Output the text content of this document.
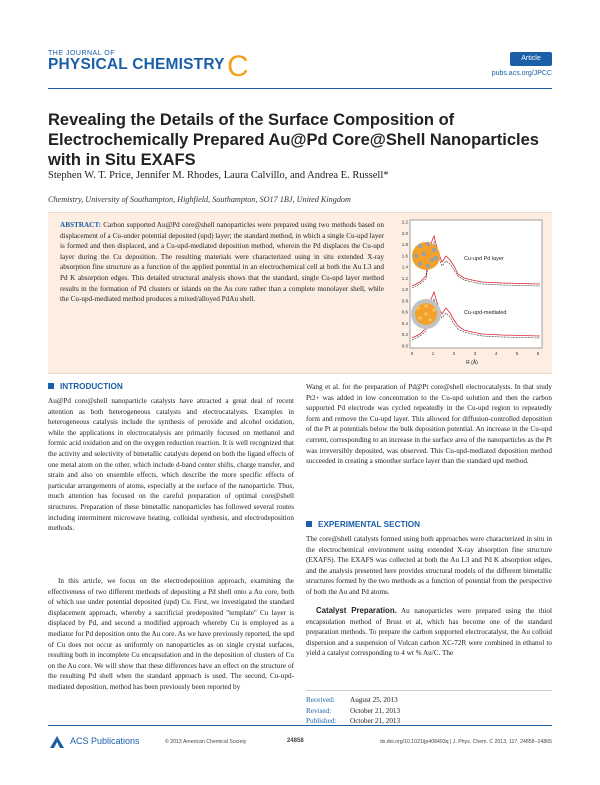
THE JOURNAL OF
PHYSICAL CHEMISTRY C	Article
pubs.acs.org/JPCC
Revealing the Details of the Surface Composition of Electrochemically Prepared Au@Pd Core@Shell Nanoparticles with in Situ EXAFS
Stephen W. T. Price, Jennifer M. Rhodes, Laura Calvillo, and Andrea E. Russell*
Chemistry, University of Southampton, Highfield, Southampton, SO17 1BJ, United Kingdom
ABSTRACT: Carbon supported Au@Pd core@shell nanoparticles were prepared using two methods based on displacement of a Cu-under potential deposited (upd) layer; the standard method, in which a single Cu-upd layer is formed and then displaced, and a Cu-upd-mediated deposition method, wherein the Pd displaces the Cu-upd layer during the Cu deposition. The resulting materials were characterized using in situ extended X-ray absorption fine structure as a function of the applied potential in an electrochemical cell at both the Au L3 and Pd K absorption edges. This detailed structural analysis shows that the standard, single Cu-upd layer method results in the formation of Pd clusters or islands on the Au core rather than a complete monolayer shell, while the Cu-upd-mediated method produces a mixed/alloyed PdAu shell.
2.2
2.0
1.8
1.6
1.4
1.2
1.0
0.8
0.6
0.4
0.2
0.0
0	1	2	3	4	5	6
Cu-upd Pd layer
Cu-upd-mediated
R (Å)
INTRODUCTION
Au@Pd core@shell nanoparticle catalysts have attracted a great deal of recent attention as both heterogeneous catalysts and electrocatalysts. Examples in heterogeneous catalysis include the synthesis of peroxide and alcohol oxidation, while the applications in electrocatalysis are primarily focused on methanol and formic acid oxidation and on the oxygen reduction reaction. It is well recognized that the activity and selectivity of bimetallic catalysts depend on both the ligand effects of one metal atom on the other, which include d-band center shifts, charge transfer, and strain and also on ensemble effects, which describe the more specific effects of particular arrangements of atoms, especially at the surface of the nanoparticle. Thus, much attention has focused on the careful preparation of optimal core@shell structures. Preparation of these bimetallic nanoparticles has followed several routes including intermittent microwave heating, colloidal synthesis, and electrodeposition methods.
In this article, we focus on the electrodeposition approach, examining the effectiveness of two different methods of depositing a Pd shell onto a Au core, both of which use under potential deposited (upd) Cu. First, we investigated the standard displacement approach, whereby a sacrificial predeposited "template" Cu layer is displaced by Pd, and second a modified approach whereby Cu is employed as a mediator for Pd deposition onto the Au core. As we have previously reported, the upd of Cu does not occur as uniformly on nanoparticles as on single crystal surfaces, resulting both in incomplete Cu encapsulation and in the deposition of clusters of Cu on the Au core. We will show that these differences have an effect on the structure of the resulting Pd shell when the standard approach is used. The second, Cu-upd-mediated deposition, method has been previously been reported by
Wang et al. for the preparation of Pd@Pt core@shell electrocatalysts. In that study Pt2+ was added in low concentration to the Cu-upd solution and then the carbon supported Pd electrode was cycled repeatedly in the Cu-upd region to repeatedly form and remove the Cu-upd layer. This allowed for diffusion-controlled deposition of the Pt at potentials below the bulk deposition potential. An increase in the Cu-upd current, corresponding to an increase in the surface area of the nanoparticles as the Pt was irreversibly deposited, was observed. This Cu-upd-mediated deposition method succeeded in creating a smoother surface layer than the standard upd method.
EXPERIMENTAL SECTION
The core@shell catalysts formed using both approaches were characterized in situ in the electrochemical environment using extended X-ray absorption fine structure (EXAFS). The EXAFS was collected at both the Au L3 and Pd K absorption edges, and the analysis presented here provides structural models of the different bimetallic structures formed by the two methods as a function of potential from the perspective of both the Au and Pd atoms.
Catalyst Preparation. Au nanoparticles were prepared using the thiol encapsulation method of Brust et al, which has become one of the standard preparation methods. To prepare the carbon supported electrocatalyst, the Au colloid dispersion and a suspension of Vulcan carbon XC-72R were combined in ethanol to yield a catalyst corresponding to 4 wt % Au/C. The
Received: August 25, 2013
Revised:	October 21, 2013
Published: October 21, 2013
ACS Publications	© 2013 American Chemical Society	24858	dx.doi.org/10.1021/jp408493q | J. Phys. Chem. C 2013, 117, 24858−24865
